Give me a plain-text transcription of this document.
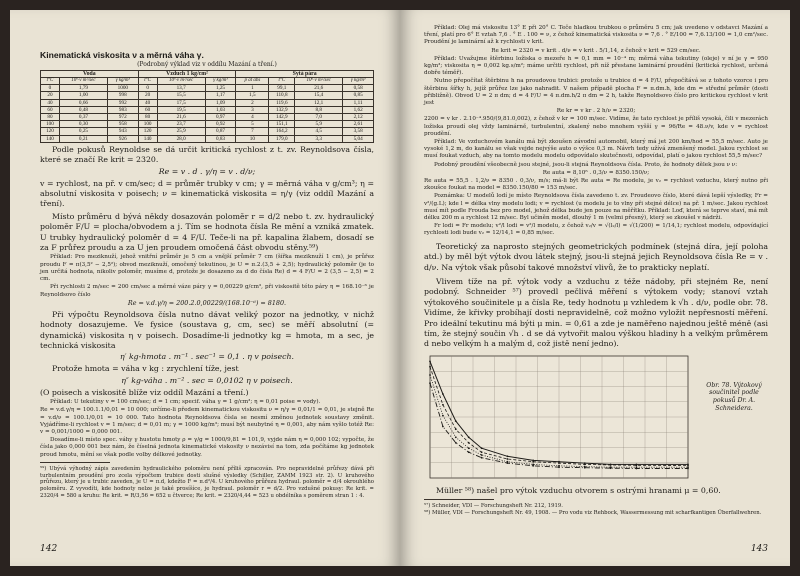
Kinematická viskosita ν a měrná váha γ.
(Podrobný výklad viz v oddílu Mazání a tření.)
Voda			Vzduch 1 kg/cm²			Sytá pára			
t°C	10⁶·ν m²/sec	γ kg/m³	t°C	10⁶·ν m²/sec	γ kg/m³	p at abs	t°C	10⁶·ν m²/sec	γ kg/m³
0	1,79	1000	0	13,7	1,25	1	99,1	21,6	0,58
20	1,00	998	20	15,5	1,17	1,5	110,8	15,4	0,85
40	0,66	992	40	17,5	1,09	2	119,6	12,1	1,11
60	0,48	983	60	19,5	1,03	3	132,9	8,8	1,62
80	0,37	972	80	21,6	0,97	4	142,9	7,0	2,12
100	0,30	958	100	23,7	0,92	5	151,1	5,9	2,61
120	0,25	943	120	25,9	0,87	7	164,2	4,5	3,58
140	0,21	926	140	28,0	0,83	10	179,0	3,3	5,04
Podle pokusů Reynoldse se dá určit kritická rychlost z t. zv. Reynoldsova čísla, které se značí Re krit = 2320.
Re = v . d . γ/η = v . d/ν;
v = rychlost, na př. v cm/sec; d = průměr trubky v cm; γ = měrná váha v g/cm³; η = absolutní viskosita v poisech; ν = kinematická viskosita = η/γ (viz oddíl Mazání a tření).
Místo průměru d bývá někdy dosazován poloměr r = d/2 nebo t. zv. hydraulický poloměr F/U = plocha/obvodem a j. Tím se hodnota čísla Re mění a vzniká zmatek. U trubky hydraulický poloměr d = 4 F/U. Teče-li na př. kapalina žlabem, dosadí se za F průřez proudu a za U jen proudem omočená část obvodu stěny.⁵⁹)
Příklad: Pro meziknuží, jehož vnitřní průměr je 5 cm a vnější průměr 7 cm (šířka meziknuží 1 cm), je průřez proudu F = π(3,5² − 2,5²); obvod meziknuží, omočený tekutinou, je U = π.2.(3,5 + 2,5); hydraulický poloměr (je to jen určitá hodnota, nikoliv poloměr, musíme d, protože je dosazeno za d do čísla Re) d = 4 F/U = 2 (3,5 − 2,5) = 2 cm.
Při rychlosti 2 m/sec = 200 cm/sec a měrné váze páry γ = 0,00229 g/cm³, při viskositě této páry η = 168.10⁻⁶ je Reynoldsovo číslo
Re = v.d.γ/η = 200.2.0,00229/(168.10⁻⁶) = 8180.
Při výpočtu Reynoldsova čísla nutno dávat veliký pozor na jednotky, v nichž hodnoty dosazujeme. Ve fysice (soustava g, cm, sec) se měří absolutní (= dynamická) viskosita η v poisech. Dosadíme-li jednotky kg = hmota, m a sec, je technická viskosita
η′ kg-hmota . m⁻¹ . sec⁻¹ = 0,1 . η v poisech.
Protože hmota = váha v kg : zrychlení tíže, jest
η″ kg-váha . m⁻² . sec = 0,0102 η v poisech.
(O poisech a viskositě blíže viz oddíl Mazání a tření.)
Příklad: U tekutiny v = 100 cm/sec; d = 1 cm; specif. váha γ = 1 g/cm³; η = 0,01 poise = vody).
Re = v.d.γ/η = 100.1.1/0,01 = 10 000; určíme-li předem kinematickou viskositu ν = η/γ = 0,01/1 = 0,01, je stejně Re = v.d/ν = 100.1/0,01 = 10 000. Tato hodnota Reynoldsova čísla se nesmí změnou jednotek soustavy změnit. Vyjádříme-li rychlost v = 1 m/sec; d = 0,01 m; γ = 1000 kg/m³; musí být neubytné η = 0,001, aby nám vyšlo totéž Re: v = 0,001/1000 = 0,000 001.
Dosadíme-li místo spec. váhy γ hustotu hmoty ρ = γ/g = 1000/9,81 = 101,9, vyjde nám η = 0,000 102; vypočte, že čísla jako 0,000 001 bez nám, že číselná jednota kinematické viskosity ν nezávisí na tom, zda počítáme kg jednotek proud hmotu, mění se však podle volby délkové jednotky.
⁵⁹) Ubývá výhodný zápis zavedením hydraulického poloměru není příliš zpracován. Pro nepravidelné průřezy dává při turbulentním proudění pro zcela výpočtem trubice dosti slušné výsledky (Schiller, ZAMM 1923 str. 2). U kruhového průřezu, který je u trubic zaveden, je U = π.d, kdežto F = π.d²/4. U kruhového průřezu hydraul. poloměr = d/4 okrouhlého poloměru. Z vyvodíti, kde hodnoty nelze je také prosíšíce, je hydraul. poloměr r = d/2. Pro vzdušné pokusy: Re krit. = 2320/4 = 580 a kruhu: Re krit. = R/3,56 = 652 u čtverce; Re krit. = 2320/4,44 = 523 u obdélníka s poměrem stran 1 : 4.
142
Příklad: Olej má viskositu 13° E při 20° C. Teče hladkou trubkou o průměru 5 cm; jak uvedeno v odstavci Mazání a tření, platí pro 6° E vztah 7,6 . ° E . 100 = ν, z čehož kinematická viskosita ν = 7,6 . ° E/100 = 7,6.13/100 = 1,0 cm²/sec. Proudění je laminární až k rychlosti v krit.
Re krit = 2320 = v krit . d/ν = v krit . 5/1,14, z čehož v krit = 529 cm/sec.
Příklad: Uvažujme štěrbinu ložiska o mezeře h = 0,1 mm = 10⁻⁴ m; měrná váha tekutiny (oleje) v ní je γ = 950 kg/m³; viskosita η = 0,002 kg.s/m²; máme určiti rychlost, při níž přestane laminární proudění (kritická rychlost, určená dobře téměř).
Nutno přepočítat štěrbinu h na proudovou trubici: protože u trubice d = 4 F/U, přepočítává se z tohoto vzorce i pro štěrbinu šířky h, jejíž průřez lze jako nahradit. V našem případě plocha F = π.dm.h, kde dm = střední průměr (dosti přibližně). Obvod U = 2 π dm; d = 4 F/U = 4 π.dm.h/2 π dm = 2 h, takže Reynoldsovo číslo pro kritickou rychlost v krit jest
Re kr = v kr . 2 h/ν = 2320;
2200 = v kr . 2.10⁻⁴.950/(9,81.0,002), z čehož v kr = 100 m/sec. Vidíme, že tato rychlost je příliš vysoká, čili v mezerách ložiska proudí olej vždy laminárně, turbulentní, zkalený nebo mnohem vyšší γ = 96/Re = 48.ν/v, kde v = rychlost proudění.
Příklad: Ve vzduchovém kanálu má být zkoušen závodní automobil, který má jet 200 km/hod = 55,5 m/sec. Auto je vysoké 1,2 m, do kanálu se však vejde nejvýše auto o výšce 0,3 m. Návrh tedy užívá zmenšený model. Jakou rychlost se musí foukat vzduch, aby na tomto modelu modelu odpovídalo skutečnosti, odpovídal, platí o jakou rychlost 55,5 m/sec?
Podobný proudění všeobecně jsou stejné, jsou-li stejná Reynoldsova čísla. Proto, že hodnoty dělek jsou ν ν:
Re auta = 8,10⁶ . 0,3/ν = 8350.150/ν;
Re auta = 55,5 . 1,2/ν = 8350 . 0,3/ν, m/s; má-li být Re auta = Re modelu, je v₂ = rychlost vzduchu, který nutno při zkoušce foukat na model = 8350.150/80 = 153 m/sec.
Poznámka: U modelů lodí je místo Reynoldsova čísla zavedeno t. zv. Froudeovo číslo, které dává lepší výsledky, Fr = v²/(g.L); kde l = délka vlny modelu lodi; v = rychlost (u modelu je to vlny při stejné délce) na př. 1 m/sec. Jakou rychlost musí mít podle Frouda bez pro model, jehož délka bude jen pouze na měřítku. Příklad: Loď, která se teprve staví, má mít délku 200 m a rychlost 12 m/sec. Byl učiněn model, dlouhý 1 m (velmi přesný), který se zkoušel v nádrži.
Fr lodi = Fr modelu; v²/l lodi = v²/l modelu, z čehož v₂/v = √(l₂/l) = √(1/200) = 1/14,1; rychlost modelu, odpovídající rychlosti lodi bude v₂ = 12/14,1 = 0,85 m/sec.
Teoretický za naprosto stejných geometrických podmínek (stejná díra, její poloha atd.) by měl být výtok dvou látek stejný, jsou-li stejná jejich Reynoldsova čísla Re = v . d/ν. Na výtok však působí takové množství vlivů, že to prakticky neplatí.
Vlivem tíže na př. výtok vody a vzduchu z téže nádoby, při stejném Re, není podobný. Schneider ⁵⁷) provedl pečlivá měření s výtokem vody; stanoví vztah výtokového součinitele μ a čísla Re, tedy hodnotu μ vzhledem k √h . d/ν, podle obr. 78. Vidíme, že křivky probíhají dosti nepravidelně, což možno vyložit nepřesností měření. Pro ideální tekutinu má býti μ min. = 0,61 a zde je naměřeno najednou ještě méně (asi tím, že stejný součin √h . d se dá vytvořit malou výškou hladiny h a velkým průměrem d nebo velkým h a malým d, což jistě není jedno).
Obr. 78. Výtokový součinitel podle pokusů Dr. A. Schneidera.
Müller ⁵⁸) našel pro výtok vzduchu otvorem s ostrými hranami μ = 0,60.
⁵⁷) Schneider, VDI — Forschungsheft Nr. 212, 1919.
⁵⁸) Müller, VDI — Forschungsheft Nr. 49, 1908. — Pro vodu viz Rehbock, Wassermessung mit scharfkantigen Überfallwehren.
143
